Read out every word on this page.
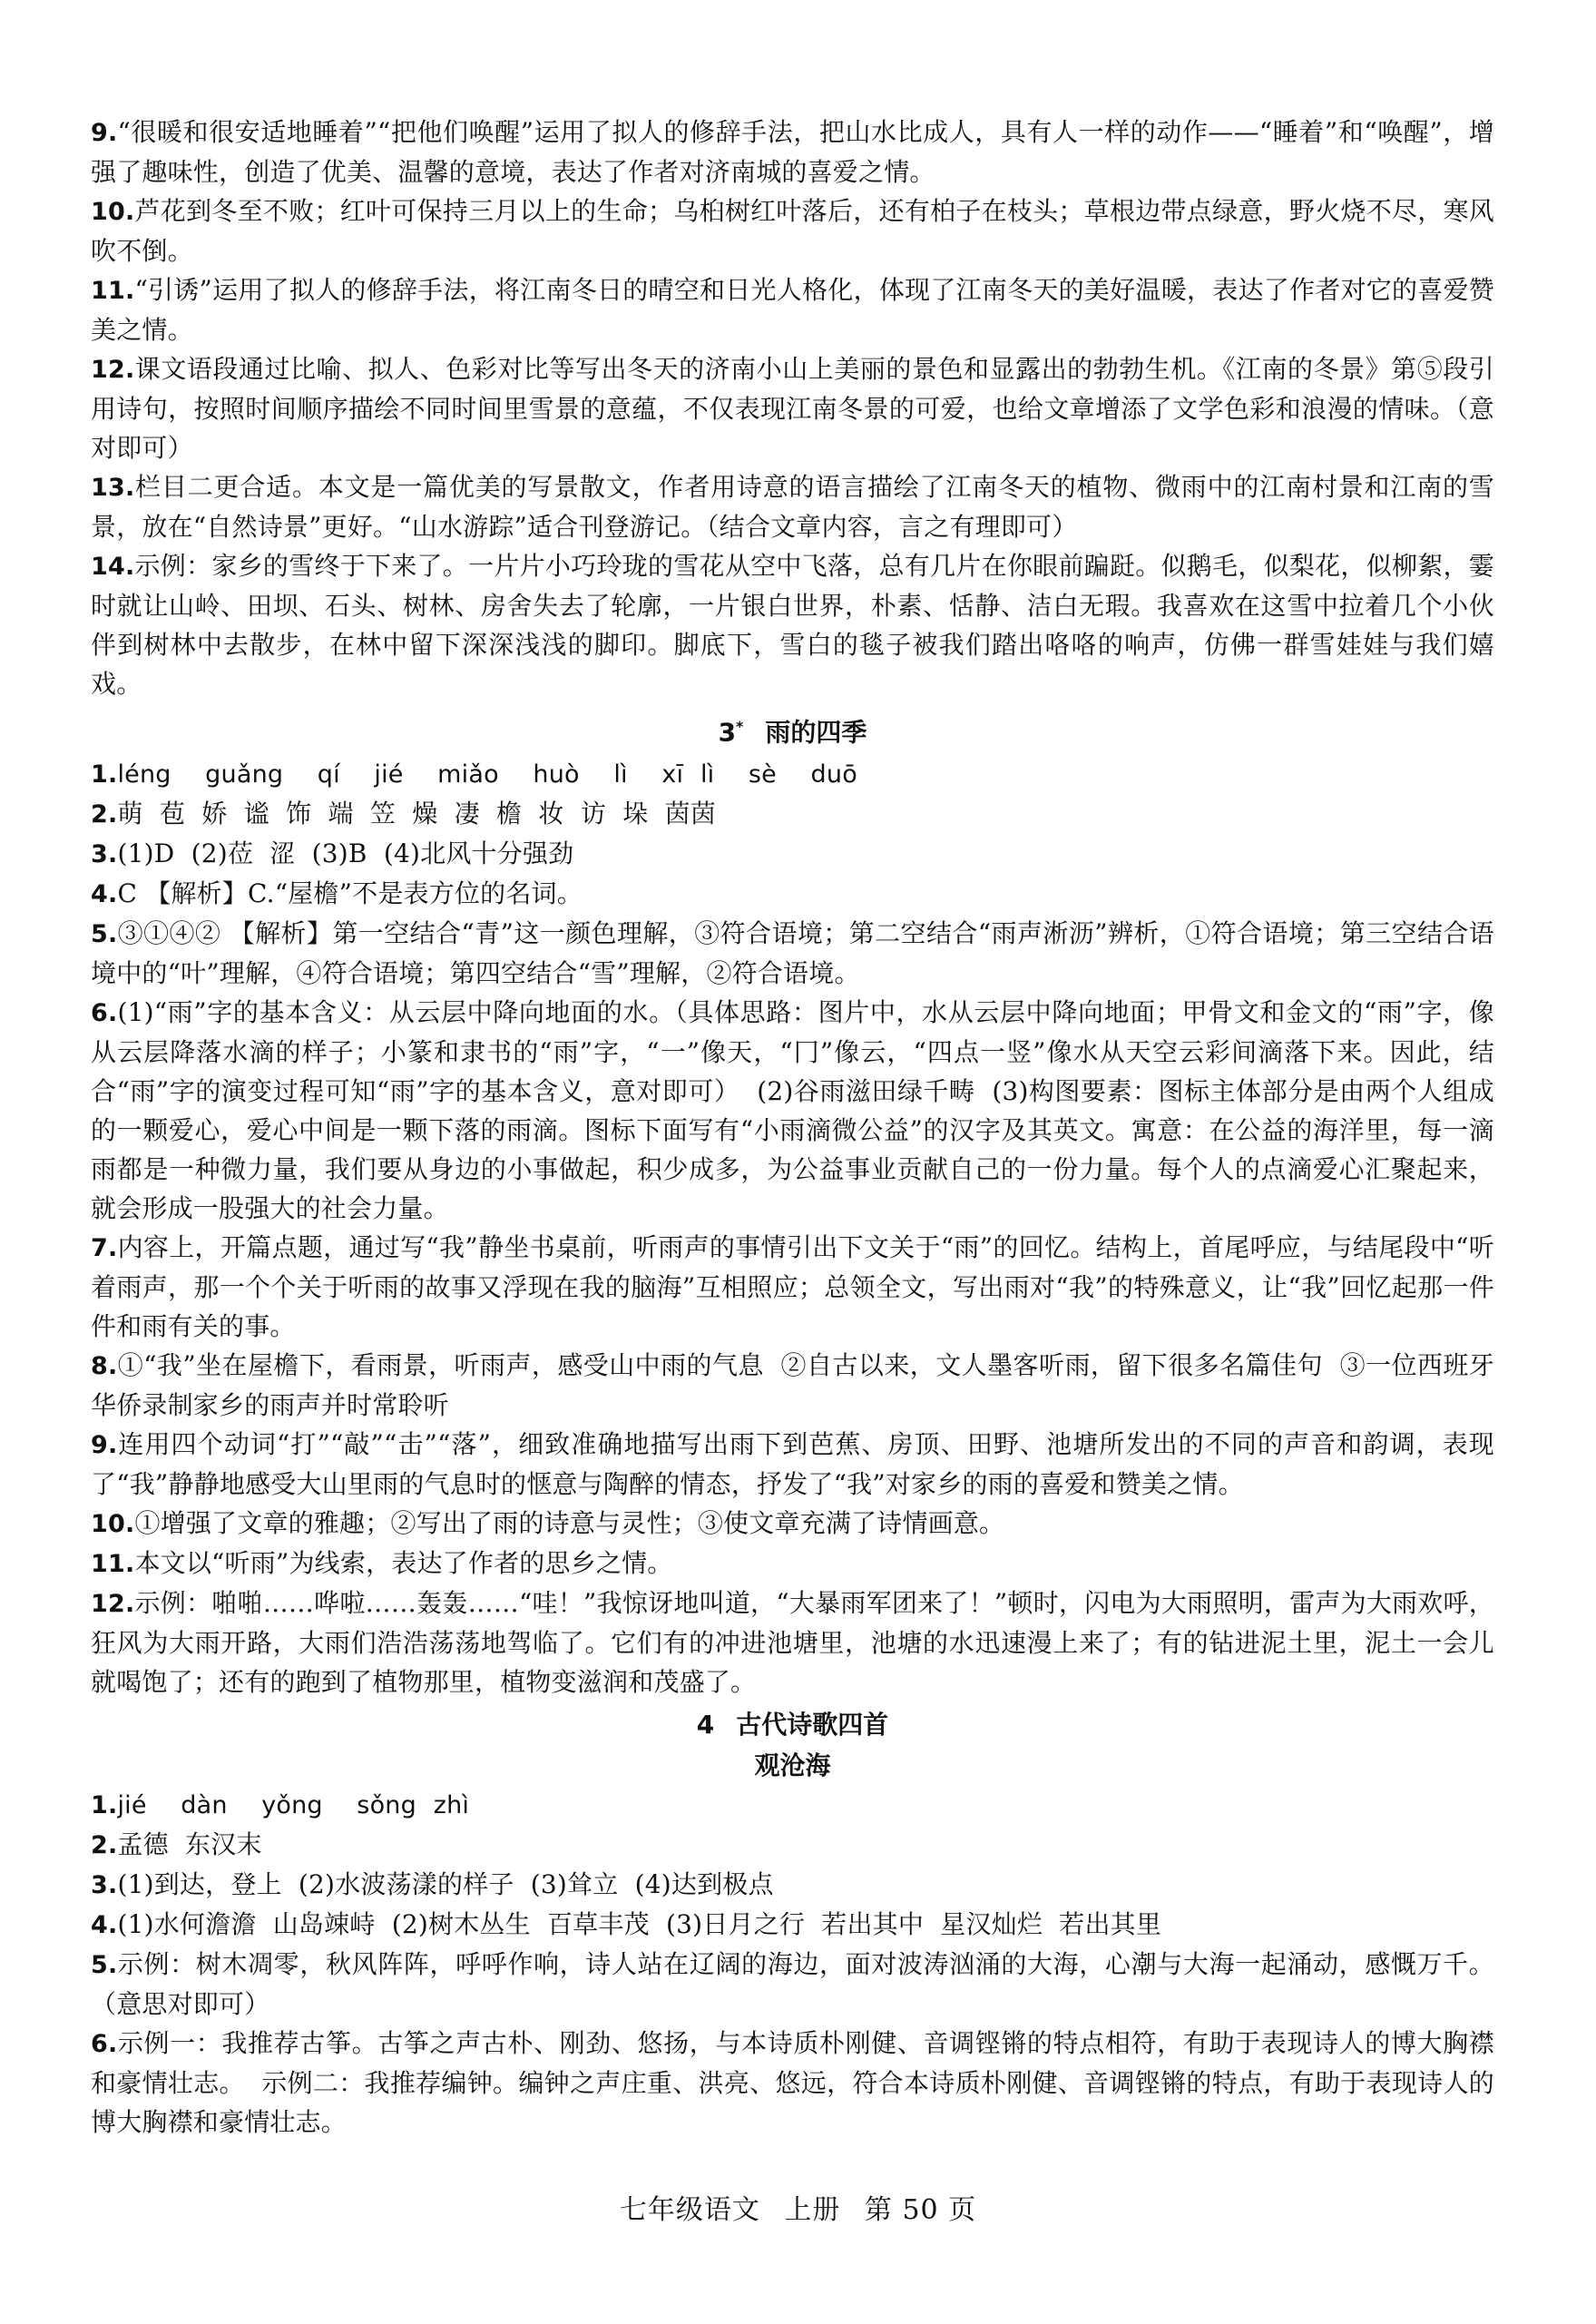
9.“很暖和很安适地睡着”“把他们唤醒”运用了拟人的修辞手法，把山水比成人，具有人一样的动作——“睡着”和“唤醒”，增强了趣味性，创造了优美、温馨的意境，表达了作者对济南城的喜爱之情。

10.芦花到冬至不败；红叶可保持三月以上的生命；乌桕树红叶落后，还有柏子在枝头；草根边带点绿意，野火烧不尽，寒风吹不倒。

11.“引诱”运用了拟人的修辞手法，将江南冬日的晴空和日光人格化，体现了江南冬天的美好温暖，表达了作者对它的喜爱赞美之情。

12.课文语段通过比喻、拟人、色彩对比等写出冬天的济南小山上美丽的景色和显露出的勃勃生机。《江南的冬景》第⑤段引用诗句，按照时间顺序描绘不同时间里雪景的意蕴，不仅表现江南冬景的可爱，也给文章增添了文学色彩和浪漫的情味。（意对即可）

13.栏目二更合适。本文是一篇优美的写景散文，作者用诗意的语言描绘了江南冬天的植物、微雨中的江南村景和江南的雪景，放在“自然诗景”更好。“山水游踪”适合刊登游记。（结合文章内容，言之有理即可）

14.示例：家乡的雪终于下来了。一片片小巧玲珑的雪花从空中飞落，总有几片在你眼前蹁跹。似鹅毛，似梨花，似柳絮，霎时就让山岭、田坝、石头、树林、房舍失去了轮廓，一片银白世界，朴素、恬静、洁白无瑕。我喜欢在这雪中拉着几个小伙伴到树林中去散步，在林中留下深深浅浅的脚印。脚底下，雪白的毯子被我们踏出咯咯的响声，仿佛一群雪娃娃与我们嬉戏。

3* 雨的四季

1.léng  guǎng  qí  jié  miǎo  huò  lì  xī lì  sè  duō

2.萌  苞  娇  谧  饰  端  笠  燥  凄  檐  妆  访  垛  茵茵

3.(1)D  (2)莅  涩  (3)B  (4)北风十分强劲

4.C 【解析】C.“屋檐”不是表方位的名词。

5.③①④② 【解析】第一空结合“青”这一颜色理解，③符合语境；第二空结合“雨声淅沥”辨析，①符合语境；第三空结合语境中的“叶”理解，④符合语境；第四空结合“雪”理解，②符合语境。

6.(1)“雨”字的基本含义：从云层中降向地面的水。（具体思路：图片中，水从云层中降向地面；甲骨文和金文的“雨”字，像从云层降落水滴的样子；小篆和隶书的“雨”字，“一”像天，“冂”像云，“四点一竖”像水从天空云彩间滴落下来。因此，结合“雨”字的演变过程可知“雨”字的基本含义，意对即可）  (2)谷雨滋田绿千畴  (3)构图要素：图标主体部分是由两个人组成的一颗爱心，爱心中间是一颗下落的雨滴。图标下面写有“小雨滴微公益”的汉字及其英文。寓意：在公益的海洋里，每一滴雨都是一种微力量，我们要从身边的小事做起，积少成多，为公益事业贡献自己的一份力量。每个人的点滴爱心汇聚起来，就会形成一股强大的社会力量。

7.内容上，开篇点题，通过写“我”静坐书桌前，听雨声的事情引出下文关于“雨”的回忆。结构上，首尾呼应，与结尾段中“听着雨声，那一个个关于听雨的故事又浮现在我的脑海”互相照应；总领全文，写出雨对“我”的特殊意义，让“我”回忆起那一件件和雨有关的事。

8.①“我”坐在屋檐下，看雨景，听雨声，感受山中雨的气息  ②自古以来，文人墨客听雨，留下很多名篇佳句  ③一位西班牙华侨录制家乡的雨声并时常聆听

9.连用四个动词“打”“敲”“击”“落”，细致准确地描写出雨下到芭蕉、房顶、田野、池塘所发出的不同的声音和韵调，表现了“我”静静地感受大山里雨的气息时的惬意与陶醉的情态，抒发了“我”对家乡的雨的喜爱和赞美之情。

10.①增强了文章的雅趣；②写出了雨的诗意与灵性；③使文章充满了诗情画意。

11.本文以“听雨”为线索，表达了作者的思乡之情。

12.示例：啪啪……哗啦……轰轰……“哇！”我惊讶地叫道，“大暴雨军团来了！”顿时，闪电为大雨照明，雷声为大雨欢呼，狂风为大雨开路，大雨们浩浩荡荡地驾临了。它们有的冲进池塘里，池塘的水迅速漫上来了；有的钻进泥土里，泥土一会儿就喝饱了；还有的跑到了植物那里，植物变滋润和茂盛了。

4 古代诗歌四首
观沧海

1.jié  dàn  yǒng  sǒng zhì

2.孟德  东汉末

3.(1)到达，登上  (2)水波荡漾的样子  (3)耸立  (4)达到极点

4.(1)水何澹澹  山岛竦峙  (2)树木丛生  百草丰茂  (3)日月之行  若出其中  星汉灿烂  若出其里

5.示例：树木凋零，秋风阵阵，呼呼作响，诗人站在辽阔的海边，面对波涛汹涌的大海，心潮与大海一起涌动，感慨万千。（意思对即可）

6.示例一：我推荐古筝。古筝之声古朴、刚劲、悠扬，与本诗质朴刚健、音调铿锵的特点相符，有助于表现诗人的博大胸襟和豪情壮志。  示例二：我推荐编钟。编钟之声庄重、洪亮、悠远，符合本诗质朴刚健、音调铿锵的特点，有助于表现诗人的博大胸襟和豪情壮志。

七年级语文 上册 第 50 页
